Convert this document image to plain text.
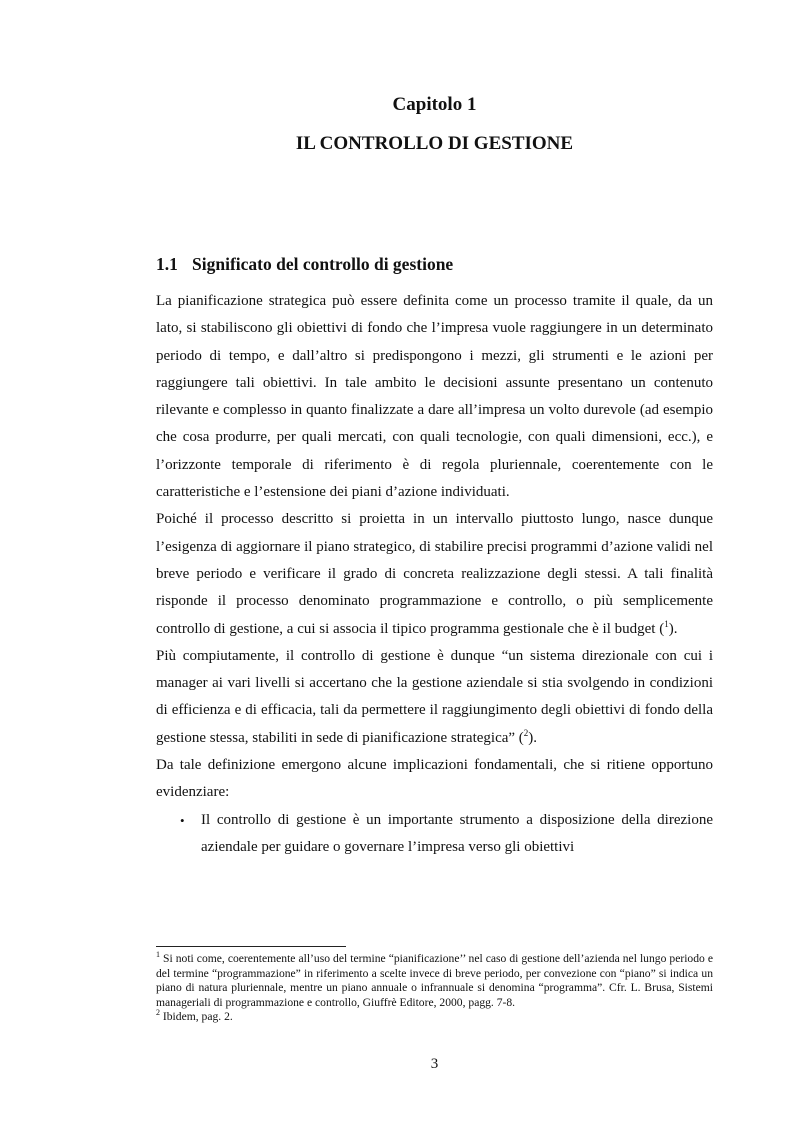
Capitolo 1
IL CONTROLLO DI GESTIONE
1.1 Significato del controllo di gestione

La pianificazione strategica può essere definita come un processo tramite il quale, da un lato, si stabiliscono gli obiettivi di fondo che l’impresa vuole raggiungere in un determinato periodo di tempo, e dall’altro si predispongono i mezzi, gli strumenti e le azioni per raggiungere tali obiettivi. In tale ambito le decisioni assunte presentano un contenuto rilevante e complesso in quanto finalizzate a dare all’impresa un volto durevole (ad esempio che cosa produrre, per quali mercati, con quali tecnologie, con quali dimensioni, ecc.), e l’orizzonte temporale di riferimento è di regola pluriennale, coerentemente con le caratteristiche e l’estensione dei piani d’azione individuati.

Poiché il processo descritto si proietta in un intervallo piuttosto lungo, nasce dunque l’esigenza di aggiornare il piano strategico, di stabilire precisi programmi d’azione validi nel breve periodo e verificare il grado di concreta realizzazione degli stessi. A tali finalità risponde il processo denominato programmazione e controllo, o più semplicemente controllo di gestione, a cui si associa il tipico programma gestionale che è il budget ($^1$).

Più compiutamente, il controllo di gestione è dunque “un sistema direzionale con cui i manager ai vari livelli si accertano che la gestione aziendale si stia svolgendo in condizioni di efficienza e di efficacia, tali da permettere il raggiungimento degli obiettivi di fondo della gestione stessa, stabiliti in sede di pianificazione strategica” ($^2$).

Da tale definizione emergono alcune implicazioni fondamentali, che si ritiene opportuno evidenziare:

• Il controllo di gestione è un importante strumento a disposizione della direzione aziendale per guidare o governare l’impresa verso gli obiettivi

$^1$ Si noti come, coerentemente all’uso del termine “pianificazione’’ nel caso di gestione dell’azienda nel lungo periodo e del termine “programmazione” in riferimento a scelte invece di breve periodo, per convezione con “piano” si indica un piano di natura pluriennale, mentre un piano annuale o infrannuale si denomina “programma”. Cfr. L. Brusa, Sistemi manageriali di programmazione e controllo, Giuffrè Editore, 2000, pagg. 7-8.

$^2$ Ibidem, pag. 2.

3
